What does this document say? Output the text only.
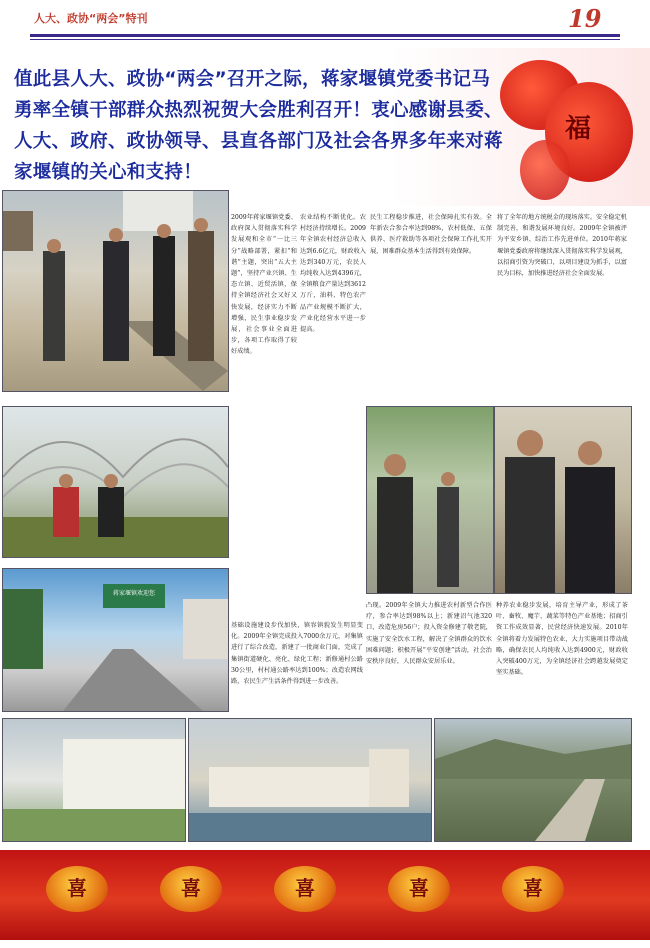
人大、政协“两会”特刊	19
福
值此县人大、政协“两会”召开之际，蒋家堰镇党委书记马　勇率全镇干部群众热烈祝贺大会胜利召开！衷心感谢县委、人大、政府、政协领导、县直各部门及社会各界多年来对蒋家堰镇的关心和支持！
2009年蒋家堰镇党委、政府深入贯彻落实科学发展观和全市“一比三分”战略部署，紧扣“和谐”主题，突出“五大主题”，坚持产业兴镇、生态立镇、近贸活镇，保持全镇经济社会又好又快发展，经济实力不断增强，民生事业稳步发展，社会事业全面进步，各项工作取得了较好成绩。
农业结构不断优化。农村经济持续增长。2009年全镇农村经济总收入达到6.6亿元，财政收入达到340万元，农民人均纯收入达到4396元，全镇粮食产量达到3612万斤，油料、特色农产品产业规模不断扩大，产业化经营水平进一步提高。
民生工程稳步推进，社会保障扎实有效。全年新农合参合率达到98%，农村低保、五保供养、医疗救助等各项社会保障工作扎实开展，困难群众基本生活得到有效保障。
将了全年的地方统税金的现场落实。安全稳定机制完善，和谐发展环境良好。2009年全镇被评为平安乡镇、综治工作先进单位。2010年蒋家堰镇党委政府将继续深入贯彻落实科学发展观，以招商引资为突破口，以项目建设为抓手，以富民为目标，加快推进经济社会全面发展。
蒋家堰镇欢迎您
基础设施建设步伐加快，镇容镇貌发生明显变化。2009年全镇完成投入7000余万元，对集镇进行了综合改造，新建了一批商业门面，完成了集镇街道硬化、亮化、绿化工程；新修通村公路30公里，村村通公路率达到100%；改造农网线路，农民生产生活条件得到进一步改善。
凸现。2009年全镇大力推进农村新型合作医疗，参合率达到98%以上；新建沼气池320口，改造危房56户；投入资金修建了敬老院，实施了安全饮水工程，解决了全镇群众的饮水困难问题；积极开展“平安创建”活动，社会治安秩序良好，人民群众安居乐业。
种养农业稳步发展，培育主导产业，形成了茶叶、畜牧、魔芋、蔬菜等特色产业基地；招商引资工作成效显著，民营经济快速发展。2010年全镇将着力发展特色农业，大力实施项目带动战略，确保农民人均纯收入达到4900元，财政收入突破400万元，为全镇经济社会跨越发展奠定坚实基础。
喜	喜	喜	喜	喜
